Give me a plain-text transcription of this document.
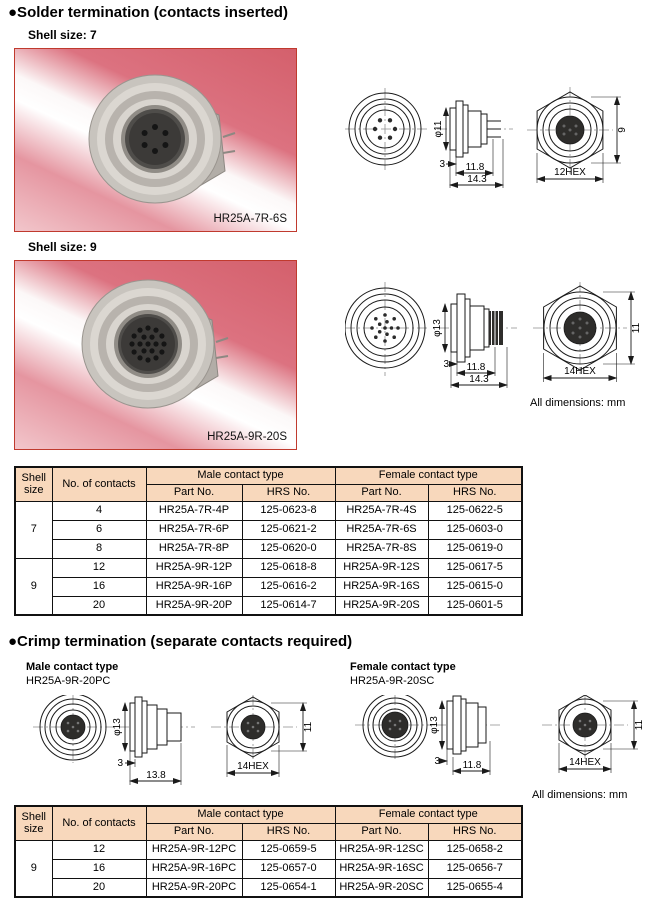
●Solder termination (contacts inserted)
Shell size: 7
HR25A-7R-6S
φ11
3 11.8
14.3
9
12HEX
Shell size: 9
HR25A-9R-20S
φ13
3 11.8
14.3
11
14HEX
All dimensions: mm
Shell size	No. of contacts	Male contact type		Female contact type	
		Part No.	HRS No.	Part No.	HRS No.
7	4	HR25A-7R-4P	125-0623-8	HR25A-7R-4S	125-0622-5
	6	HR25A-7R-6P	125-0621-2	HR25A-7R-6S	125-0603-0
	8	HR25A-7R-8P	125-0620-0	HR25A-7R-8S	125-0619-0
9	12	HR25A-9R-12P	125-0618-8	HR25A-9R-12S	125-0617-5
	16	HR25A-9R-16P	125-0616-2	HR25A-9R-16S	125-0615-0
	20	HR25A-9R-20P	125-0614-7	HR25A-9R-20S	125-0601-5
●Crimp termination (separate contacts required)
Male contact type
HR25A-9R-20PC
Female contact type
HR25A-9R-20SC
φ13
3
13.8
11
14HEX
φ13
3 11.8
11
14HEX
All dimensions: mm
Shell size	No. of contacts	Male contact type		Female contact type	
		Part No.	HRS No.	Part No.	HRS No.
9	12	HR25A-9R-12PC	125-0659-5	HR25A-9R-12SC	125-0658-2
	16	HR25A-9R-16PC	125-0657-0	HR25A-9R-16SC	125-0656-7
	20	HR25A-9R-20PC	125-0654-1	HR25A-9R-20SC	125-0655-4
